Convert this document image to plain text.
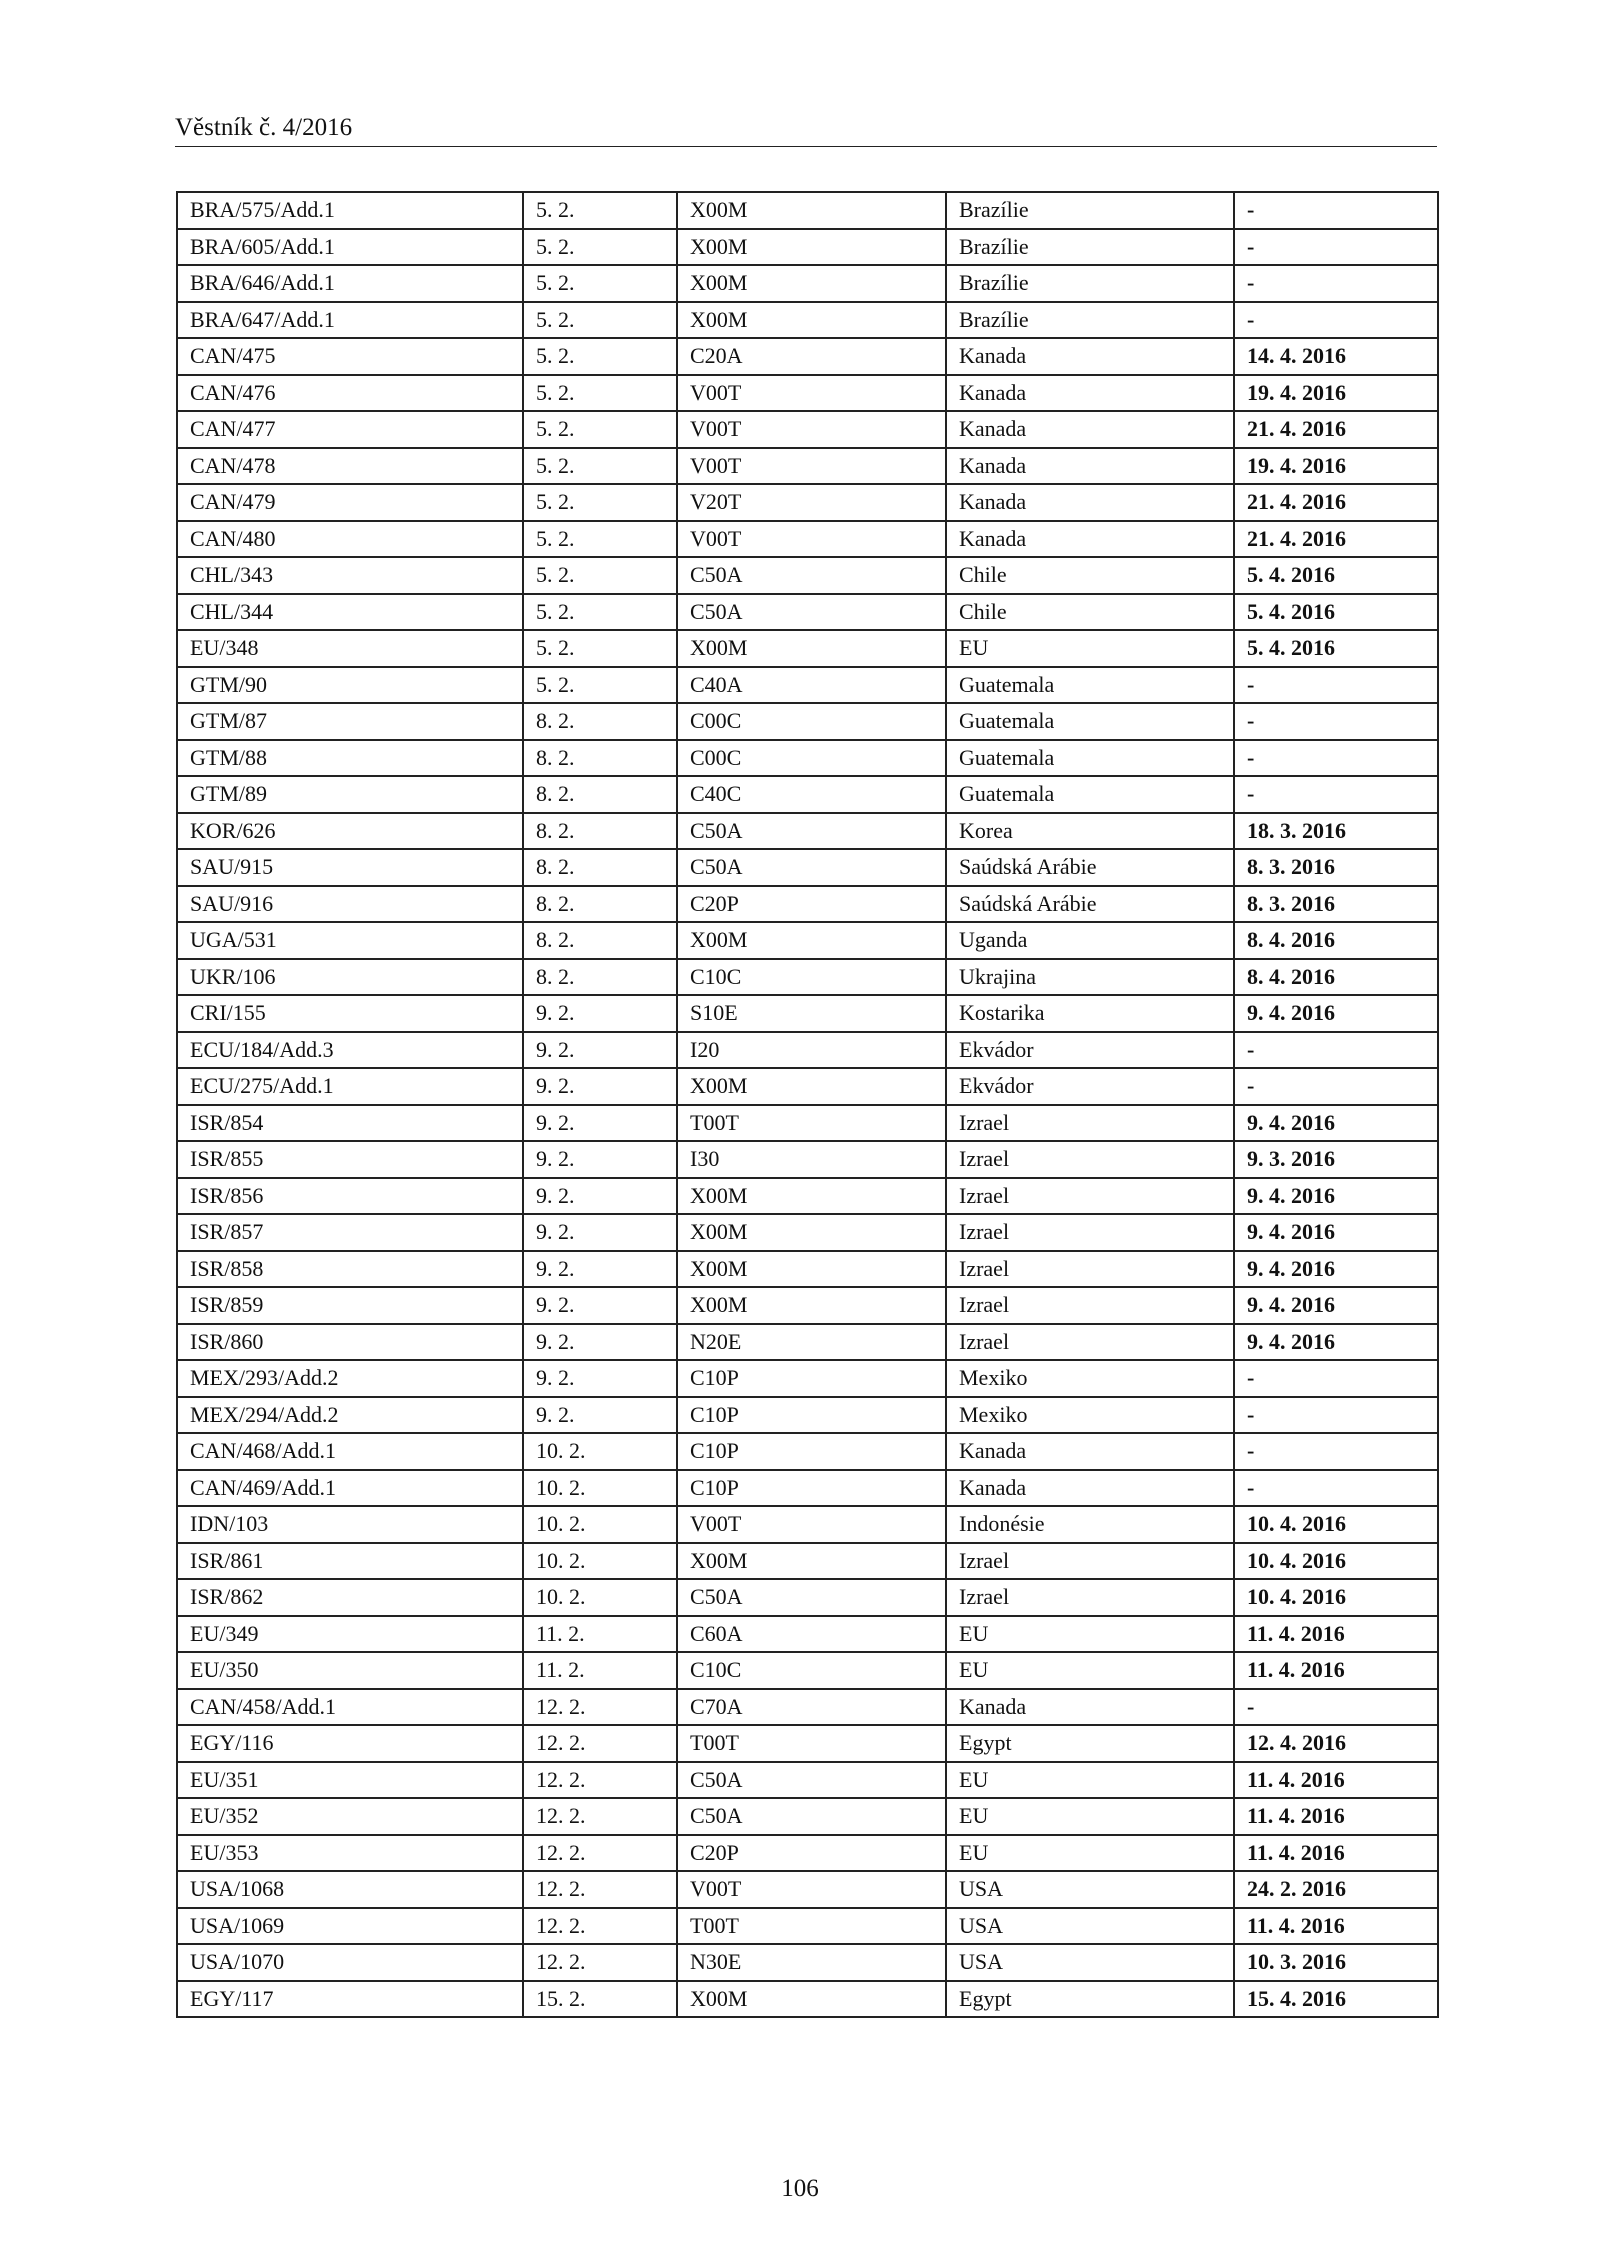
Věstník č. 4/2016
BRA/575/Add.1	5. 2.	X00M	Brazílie	-
BRA/605/Add.1	5. 2.	X00M	Brazílie	-
BRA/646/Add.1	5. 2.	X00M	Brazílie	-
BRA/647/Add.1	5. 2.	X00M	Brazílie	-
CAN/475	5. 2.	C20A	Kanada	14. 4. 2016
CAN/476	5. 2.	V00T	Kanada	19. 4. 2016
CAN/477	5. 2.	V00T	Kanada	21. 4. 2016
CAN/478	5. 2.	V00T	Kanada	19. 4. 2016
CAN/479	5. 2.	V20T	Kanada	21. 4. 2016
CAN/480	5. 2.	V00T	Kanada	21. 4. 2016
CHL/343	5. 2.	C50A	Chile	5. 4. 2016
CHL/344	5. 2.	C50A	Chile	5. 4. 2016
EU/348	5. 2.	X00M	EU	5. 4. 2016
GTM/90	5. 2.	C40A	Guatemala	-
GTM/87	8. 2.	C00C	Guatemala	-
GTM/88	8. 2.	C00C	Guatemala	-
GTM/89	8. 2.	C40C	Guatemala	-
KOR/626	8. 2.	C50A	Korea	18. 3. 2016
SAU/915	8. 2.	C50A	Saúdská Arábie	8. 3. 2016
SAU/916	8. 2.	C20P	Saúdská Arábie	8. 3. 2016
UGA/531	8. 2.	X00M	Uganda	8. 4. 2016
UKR/106	8. 2.	C10C	Ukrajina	8. 4. 2016
CRI/155	9. 2.	S10E	Kostarika	9. 4. 2016
ECU/184/Add.3	9. 2.	I20	Ekvádor	-
ECU/275/Add.1	9. 2.	X00M	Ekvádor	-
ISR/854	9. 2.	T00T	Izrael	9. 4. 2016
ISR/855	9. 2.	I30	Izrael	9. 3. 2016
ISR/856	9. 2.	X00M	Izrael	9. 4. 2016
ISR/857	9. 2.	X00M	Izrael	9. 4. 2016
ISR/858	9. 2.	X00M	Izrael	9. 4. 2016
ISR/859	9. 2.	X00M	Izrael	9. 4. 2016
ISR/860	9. 2.	N20E	Izrael	9. 4. 2016
MEX/293/Add.2	9. 2.	C10P	Mexiko	-
MEX/294/Add.2	9. 2.	C10P	Mexiko	-
CAN/468/Add.1	10. 2.	C10P	Kanada	-
CAN/469/Add.1	10. 2.	C10P	Kanada	-
IDN/103	10. 2.	V00T	Indonésie	10. 4. 2016
ISR/861	10. 2.	X00M	Izrael	10. 4. 2016
ISR/862	10. 2.	C50A	Izrael	10. 4. 2016
EU/349	11. 2.	C60A	EU	11. 4. 2016
EU/350	11. 2.	C10C	EU	11. 4. 2016
CAN/458/Add.1	12. 2.	C70A	Kanada	-
EGY/116	12. 2.	T00T	Egypt	12. 4. 2016
EU/351	12. 2.	C50A	EU	11. 4. 2016
EU/352	12. 2.	C50A	EU	11. 4. 2016
EU/353	12. 2.	C20P	EU	11. 4. 2016
USA/1068	12. 2.	V00T	USA	24. 2. 2016
USA/1069	12. 2.	T00T	USA	11. 4. 2016
USA/1070	12. 2.	N30E	USA	10. 3. 2016
EGY/117	15. 2.	X00M	Egypt	15. 4. 2016
106
